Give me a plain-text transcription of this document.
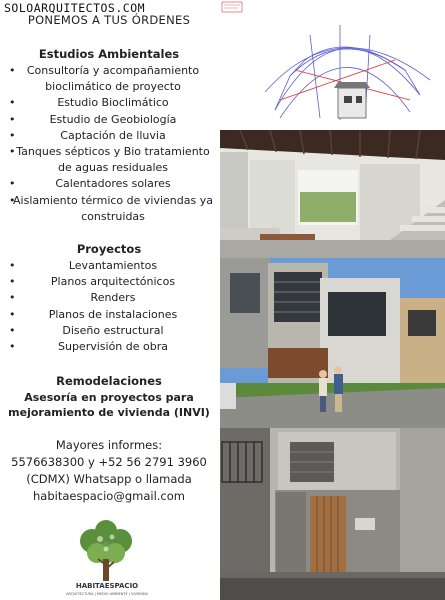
SOLOARQUITECTOS.COM
PONEMOS A TUS ÓRDENES
Estudios Ambientales
• Consultoría y acompañamiento bioclimático de proyecto
• Estudio Bioclimático
• Estudio de Geobiología
• Captación de lluvia
• Tanques sépticos y Bio tratamiento de aguas residuales
• Calentadores solares
• Aislamiento térmico de viviendas ya construidas
Proyectos
• Levantamientos
• Planos arquitectónicos
• Renders
• Planos de instalaciones
• Diseño estructural
• Supervisión de obra
Remodelaciones
Asesoría en proyectos para
mejoramiento de vivienda (INVI)
Mayores informes:
5576638300 y +52 56 2791 3960
(CDMX) Whatsapp o llamada
habitaespacio@gmail.com
HABITAESPACIO
ARQUITECTURA | MEDIO AMBIENTE | VIVIENDA
